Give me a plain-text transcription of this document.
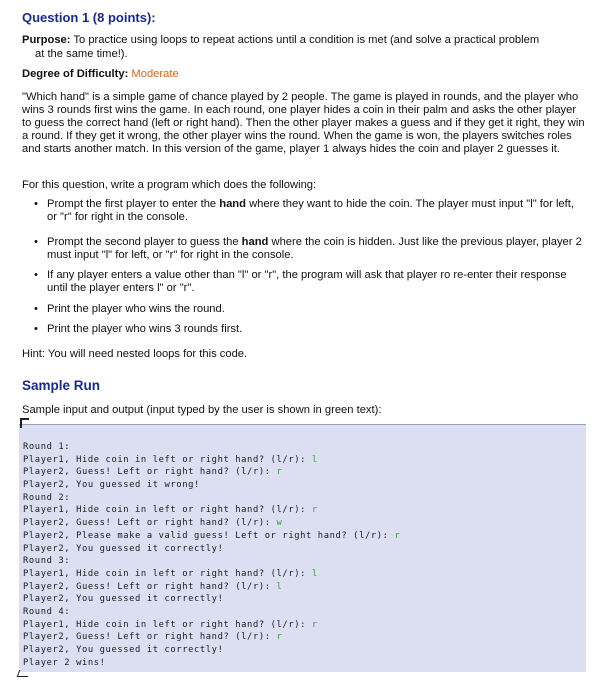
Question 1 (8 points):
Purpose: To practice using loops to repeat actions until a condition is met (and solve a practical problem
at the same time!).
Degree of Difficulty: Moderate
"Which hand" is a simple game of chance played by 2 people. The game is played in rounds, and the player who wins 3 rounds first wins the game. In each round, one player hides a coin in their palm and asks the other player to guess the correct hand (left or right hand). Then the other player makes a guess and if they get it right, they win a round. If they get it wrong, the other player wins the round. When the game is won, the players switches roles and starts another match. In this version of the game, player 1 always hides the coin and player 2 guesses it.
For this question, write a program which does the following:
• Prompt the first player to enter the hand where they want to hide the coin. The player must input "l" for left, or "r" for right in the console.
• Prompt the second player to guess the hand where the coin is hidden. Just like the previous player, player 2 must input "l" for left, or "r" for right in the console.
• If any player enters a value other than "l" or "r", the program will ask that player ro re-enter their response until the player enters l" or "r".
• Print the player who wins the round.
• Print the player who wins 3 rounds first.
Hint: You will need nested loops for this code.
Sample Run
Sample input and output (input typed by the user is shown in green text):
Round 1:
Player1, Hide coin in left or right hand? (l/r): l
Player2, Guess! Left or right hand? (l/r): r
Player2, You guessed it wrong!
Round 2:
Player1, Hide coin in left or right hand? (l/r): r
Player2, Guess! Left or right hand? (l/r): w
Player2, Please make a valid guess! Left or right hand? (l/r): r
Player2, You guessed it correctly!
Round 3:
Player1, Hide coin in left or right hand? (l/r): l
Player2, Guess! Left or right hand? (l/r): l
Player2, You guessed it correctly!
Round 4:
Player1, Hide coin in left or right hand? (l/r): r
Player2, Guess! Left or right hand? (l/r): r
Player2, You guessed it correctly!
Player 2 wins!
